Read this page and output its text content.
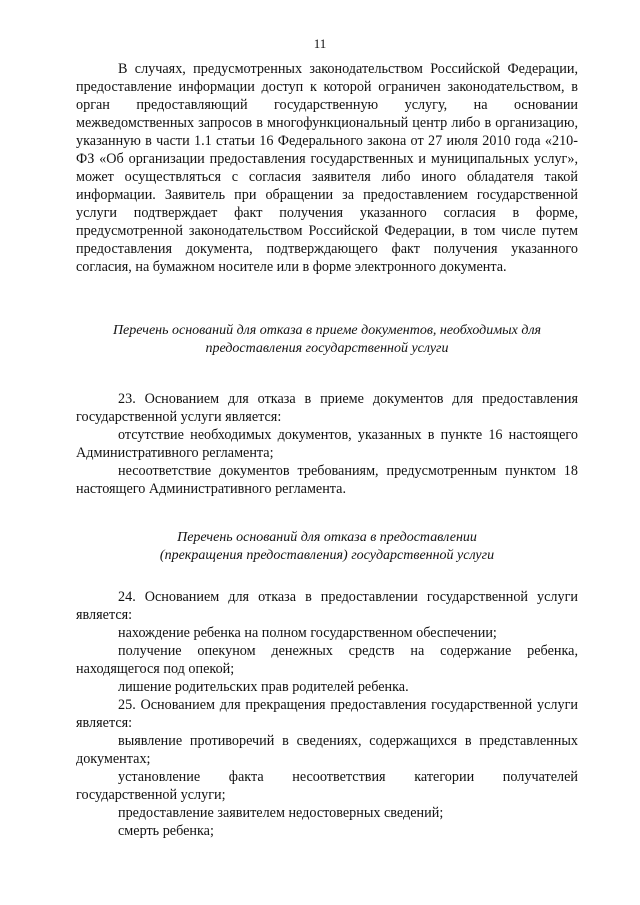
11

В случаях, предусмотренных законодательством Российской Федерации, предоставление информации доступ к которой ограничен законодательством, в орган предоставляющий государственную услугу, на основании межведомственных запросов в многофункциональный центр либо в организацию, указанную в части 1.1 статьи 16 Федерального закона от 27 июля 2010 года «210-ФЗ «Об организации предоставления государственных и муниципальных услуг», может осуществляться с согласия заявителя либо иного обладателя такой информации. Заявитель при обращении за предоставлением государственной услуги подтверждает факт получения указанного согласия в форме, предусмотренной законодательством Российской Федерации, в том числе путем предоставления документа, подтверждающего факт получения указанного согласия, на бумажном носителе или в форме электронного документа.

Перечень оснований для отказа в приеме документов, необходимых для
предоставления государственной услуги

23. Основанием для отказа в приеме документов для предоставления государственной услуги является:

отсутствие необходимых документов, указанных в пункте 16 настоящего Административного регламента;

несоответствие документов требованиям, предусмотренным пунктом 18 настоящего Административного регламента.

Перечень оснований для отказа в предоставлении
(прекращения предоставления) государственной услуги

24. Основанием для отказа в предоставлении государственной услуги является:

нахождение ребенка на полном государственном обеспечении;

получение опекуном денежных средств на содержание ребенка, находящегося под опекой;

лишение родительских прав родителей ребенка.

25. Основанием для прекращения предоставления государственной услуги является:

выявление противоречий в сведениях, содержащихся в представленных документах;

установление факта несоответствия категории получателей государственной услуги;

предоставление заявителем недостоверных сведений;

смерть ребенка;
